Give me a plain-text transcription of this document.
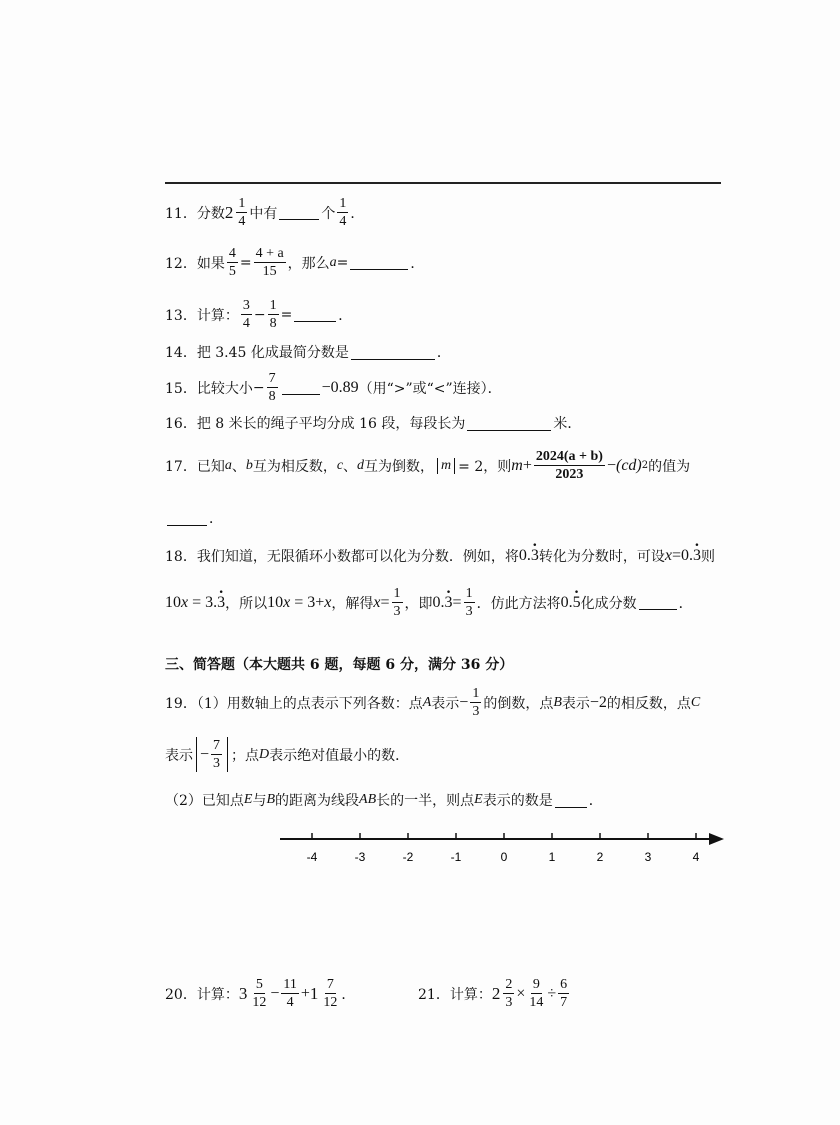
11．分数 $2 \frac{1}{4}$ 中有	个 $\frac{1}{4}$ ．
12．如果 $\frac{4}{5} = \frac{4 + a}{15}$ ，那么 a =	．
13．计算： $\frac{3}{4} - \frac{1}{8}$ =	．
14．把 3.45 化成最简分数是	．
15．比较大小 − $\frac{7}{8}$	−0.89 （用“>”或“<”连接）．
16．把 8 米长的绳子平均分成 16 段，每段长为	米．
17．已知 a 、 b 互为相反数， c 、 d 互为倒数， m = 2，则 $m + \frac{2024(a + b)}{2023} - (cd)$ 2 的值为
．
18．我们知道，无限循环小数都可以化为分数．例如，将 0.3 · 转化为分数时，可设 x = 0.3 · 则
10x = 3.3 · ，所以 10x = 3+x ，解得 $x = \frac{1}{3}$ ，即 0.3 · = $\frac{1}{3}$ ．仿此方法将 0.5 · 化成分数	．
三、简答题（本大题共 6 题，每题 6 分，满分 36 分）
19．（1）用数轴上的点表示下列各数：点 A 表示 − $\frac{1}{3}$ 的倒数，点 B 表示 −2 的相反数，点 C
表示 − $\frac{7}{3}$ ；点 D 表示绝对值最小的数．
（2）已知点 E 与 B 的距离为线段 AB 长的一半，则点 E 表示的数是	．
-4	-3	-2	-1	0	1	2	3	4
20．计算： $3 \frac{5}{12} - \frac{11}{4} + 1 \frac{7}{12}$ ．	21．计算： $2 \frac{2}{3} \times \frac{9}{14} \div \frac{6}{7}$
